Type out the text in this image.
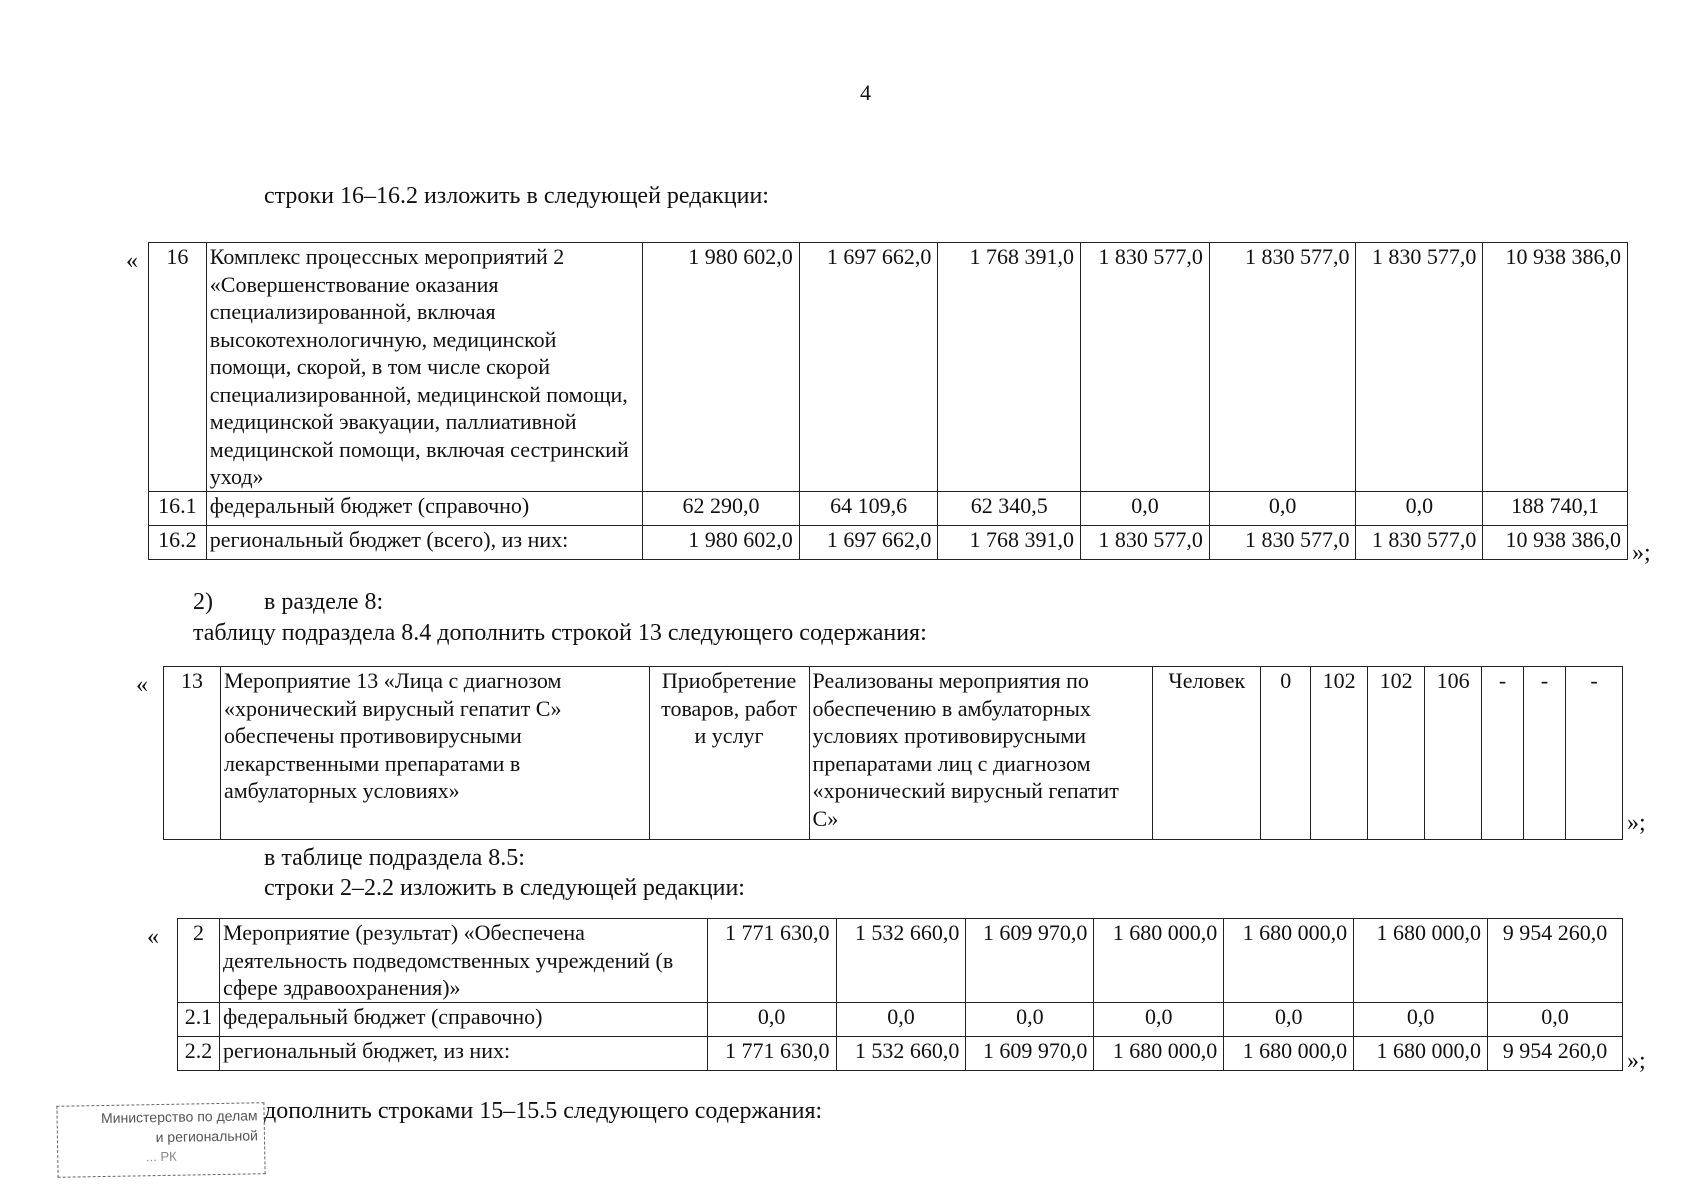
4
строки 16–16.2 изложить в следующей редакции:
« 16	Комплекс процессных мероприятий 2 «Совершенствование оказания специализированной, включая высокотехнологичную, медицинской помощи, скорой, в том числе скорой специализированной, медицинской помощи, медицинской эвакуации, паллиативной медицинской помощи, включая сестринский уход»	1 980 602,0	1 697 662,0	1 768 391,0	1 830 577,0	1 830 577,0	1 830 577,0	10 938 386,0
16.1	федеральный бюджет (справочно)	62 290,0	64 109,6	62 340,5	0,0	0,0	0,0	188 740,1
16.2	региональный бюджет (всего), из них:	1 980 602,0	1 697 662,0	1 768 391,0	1 830 577,0	1 830 577,0	1 830 577,0	10 938 386,0
»;
2) в разделе 8:
таблицу подраздела 8.4 дополнить строкой 13 следующего содержания:
« 13	Мероприятие 13 «Лица с диагнозом «хронический вирусный гепатит С» обеспечены противовирусными лекарственными препаратами в амбулаторных условиях»	Приобретение товаров, работ и услуг	Реализованы мероприятия по обеспечению в амбулаторных условиях противовирусными препаратами лиц с диагнозом «хронический вирусный гепатит С»	Человек	0	102	102	106	-	-	-
»;
в таблице подраздела 8.5:
строки 2–2.2 изложить в следующей редакции:
« 2	Мероприятие (результат) «Обеспечена деятельность подведомственных учреждений (в сфере здравоохранения)»	1 771 630,0	1 532 660,0	1 609 970,0	1 680 000,0	1 680 000,0	1 680 000,0	9 954 260,0
2.1	федеральный бюджет (справочно)	0,0	0,0	0,0	0,0	0,0	0,0	0,0
2.2	региональный бюджет, из них:	1 771 630,0	1 532 660,0	1 609 970,0	1 680 000,0	1 680 000,0	1 680 000,0	9 954 260,0 »;
дополнить строками 15–15.5 следующего содержания:
Министерство по делам
и региональной
... РК
